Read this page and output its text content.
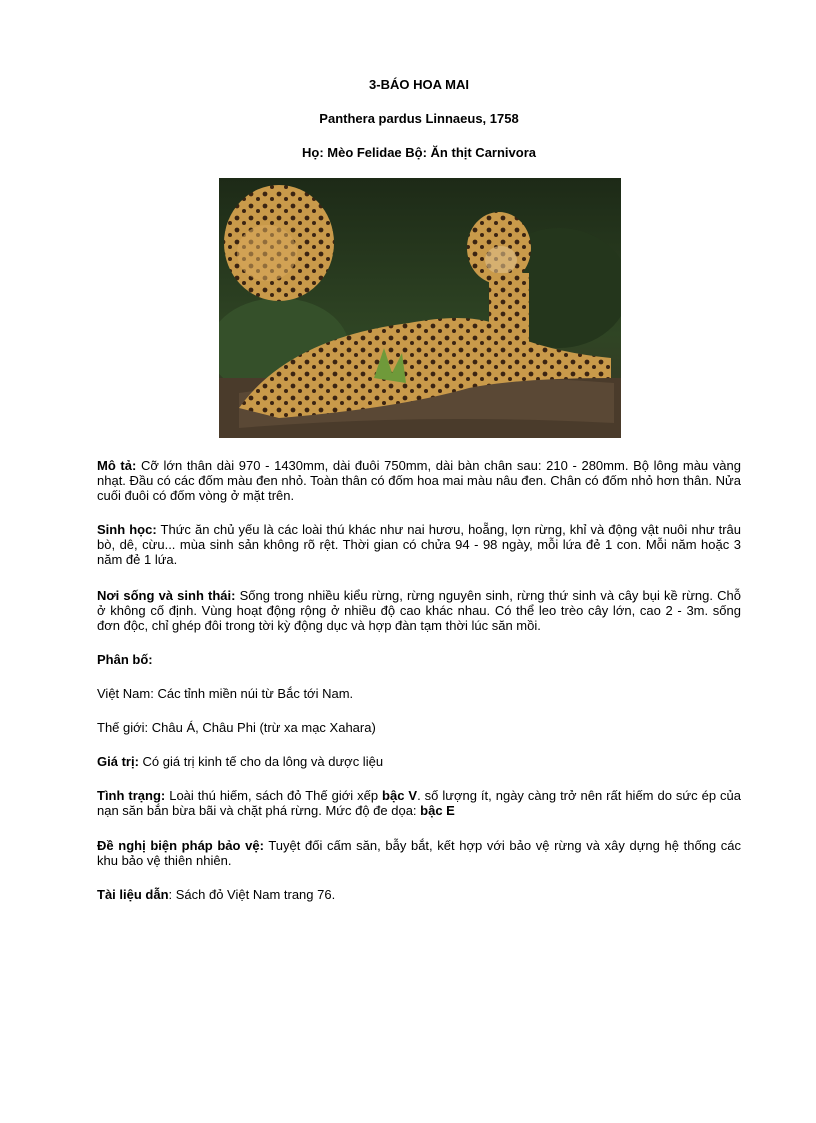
3-BÁO HOA MAI
Panthera pardus Linnaeus, 1758
Họ: Mèo Felidae Bộ: Ăn thịt Carnivora

Mô tả: Cỡ lớn thân dài 970 - 1430mm, dài đuôi 750mm, dài bàn chân sau: 210 - 280mm. Bộ lông màu vàng nhạt. Đầu có các đốm màu đen nhỏ. Toàn thân có đốm hoa mai màu nâu đen. Chân có đốm nhỏ hơn thân. Nửa cuối đuôi có đốm vòng ở mặt trên.

Sinh học: Thức ăn chủ yếu là các loài thú khác như nai hươu, hoẵng, lợn rừng, khỉ và động vật nuôi như trâu bò, dê, cừu... mùa sinh sản không rõ rệt. Thời gian có chửa 94 - 98 ngày, mỗi lứa đẻ 1 con. Mỗi năm hoặc 3 năm đẻ 1 lứa.

Nơi sống và sinh thái: Sống trong nhiều kiểu rừng, rừng nguyên sinh, rừng thứ sinh và cây bụi kề rừng. Chỗ ở không cố định. Vùng hoạt động rộng ở nhiều độ cao khác nhau. Có thể leo trèo cây lớn, cao 2 - 3m. sống đơn độc, chỉ ghép đôi trong tời kỳ động dục và hợp đàn tạm thời lúc săn mồi.

Phân bố:

Việt Nam: Các tỉnh miền núi từ Bắc tới Nam.

Thế giới: Châu Á, Châu Phi (trừ xa mạc Xahara)

Giá trị: Có giá trị kinh tế cho da lông và dược liệu

Tình trạng: Loài thú hiếm, sách đỏ Thế giới xếp bậc V. số lượng ít, ngày càng trở nên rất hiếm do sức ép của nạn săn bắn bừa bãi và chặt phá rừng. Mức độ đe dọa: bậc E

Đề nghị biện pháp bảo vệ: Tuyệt đối cấm săn, bẫy bắt, kết hợp với bảo vệ rừng và xây dựng hệ thống các khu bảo vệ thiên nhiên.

Tài liệu dẫn: Sách đỏ Việt Nam trang 76.
